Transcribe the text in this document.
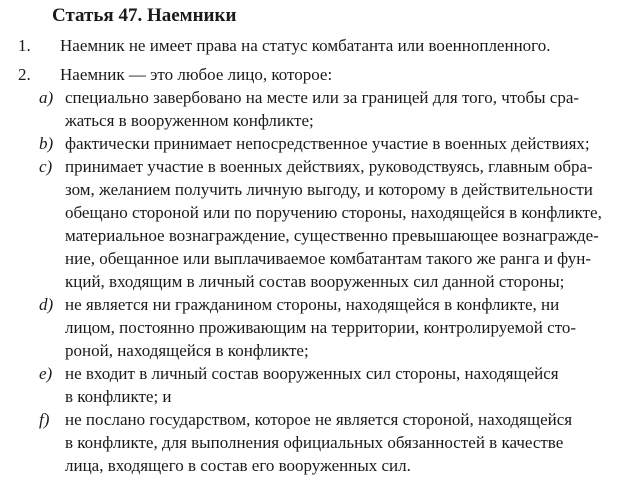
Статья 47. Наемники
1.	Наемник не имеет права на статус комбатанта или военнопленного.
2.	Наемник — это любое лицо, которое:
a) специально завербовано на месте или за границей для того, чтобы сра-
жаться в вооруженном конфликте;
b) фактически принимает непосредственное участие в военных действиях;
c) принимает участие в военных действиях, руководствуясь, главным обра-
зом, желанием получить личную выгоду, и которому в действительности
обещано стороной или по поручению стороны, находящейся в конфликте,
материальное вознаграждение, существенно превышающее вознагражде-
ние, обещанное или выплачиваемое комбатантам такого же ранга и фун-
кций, входящим в личный состав вооруженных сил данной стороны;
d) не является ни гражданином стороны, находящейся в конфликте, ни
лицом, постоянно проживающим на территории, контролируемой сто-
роной, находящейся в конфликте;
e) не входит в личный состав вооруженных сил стороны, находящейся
в конфликте; и
f) не послано государством, которое не является стороной, находящейся
в конфликте, для выполнения официальных обязанностей в качестве
лица, входящего в состав его вооруженных сил.
